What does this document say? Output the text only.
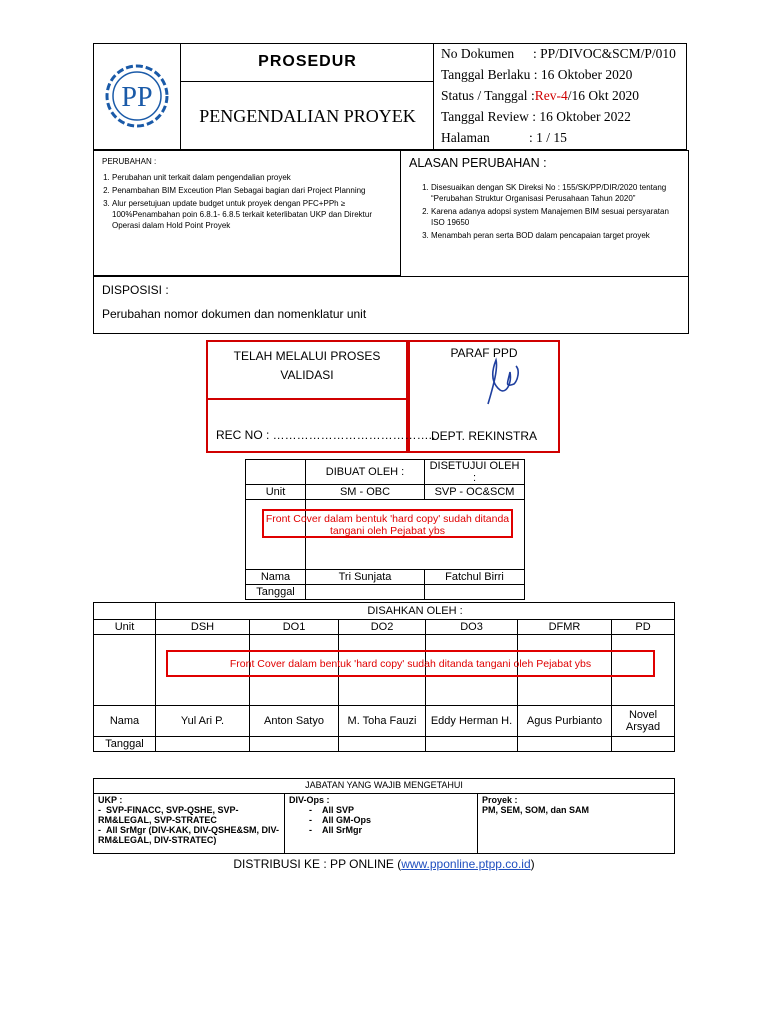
PP
PROSEDUR
PENGENDALIAN PROYEK
No Dokumen	: PP/DIVOC&SCM/P/010
Tanggal Berlaku
: 16 Oktober 2020
Status / Tanggal
: Rev-4 /16 Okt 2020
Tanggal Review
: 16 Oktober 2022
Halaman	: 1 / 15
PERUBAHAN :
1. Perubahan unit terkait dalam pengendalian proyek
2. Penambahan BIM Exceution Plan Sebagai bagian dari Project Planning
3. Alur persetujuan update budget untuk proyek dengan PFC+PPh ≥ 100%Penambahan poin 6.8.1- 6.8.5 terkait keterlibatan UKP dan Direktur Operasi dalam Hold Point Proyek
ALASAN PERUBAHAN :
1. Disesuaikan dengan SK Direksi No : 155/SK/PP/DIR/2020 tentang “Perubahan Struktur Organisasi Perusahaan Tahun 2020”
2. Karena adanya adopsi system Manajemen BIM sesuai persyaratan ISO 19650
3. Menambah peran serta BOD dalam pencapaian target proyek
DISPOSISI :
Perubahan nomor dokumen dan nomenklatur unit
TELAH MELALUI PROSES
VALIDASI
REC NO : …………………………………..
PARAF PPD
DEPT. REKINSTRA
	DIBUAT OLEH :	DISETUJUI OLEH :
Unit	SM - OBC	SVP - OC&SCM

Nama	Tri Sunjata	Fatchul Birri
Tanggal		
Front Cover dalam bentuk 'hard copy' sudah ditanda tangani oleh Pejabat ybs
	DISAHKAN OLEH :					
Unit	DSH	DO1	DO2	DO3	DFMR	PD

Nama	Yul Ari P.	Anton Satyo	M. Toha Fauzi	Eddy Herman H.	Agus Purbianto	Novel Arsyad
Tanggal						
Front Cover dalam bentuk 'hard copy' sudah ditanda tangani oleh Pejabat ybs
JABATAN YANG WAJIB MENGETAHUI

UKP :
-  SVP-FINACC, SVP-QSHE, SVP-RM&LEGAL, SVP-STRATEC
-  All SrMgr (DIV-KAK, DIV-QSHE&SM, DIV-RM&LEGAL, DIV-STRATEC)

DIV-Ops :
-    All SVP
-    All GM-Ops
-    All SrMgr

Proyek :
PM, SEM, SOM, dan SAM
DISTRIBUSI KE : PP ONLINE (www.pponline.ptpp.co.id)
